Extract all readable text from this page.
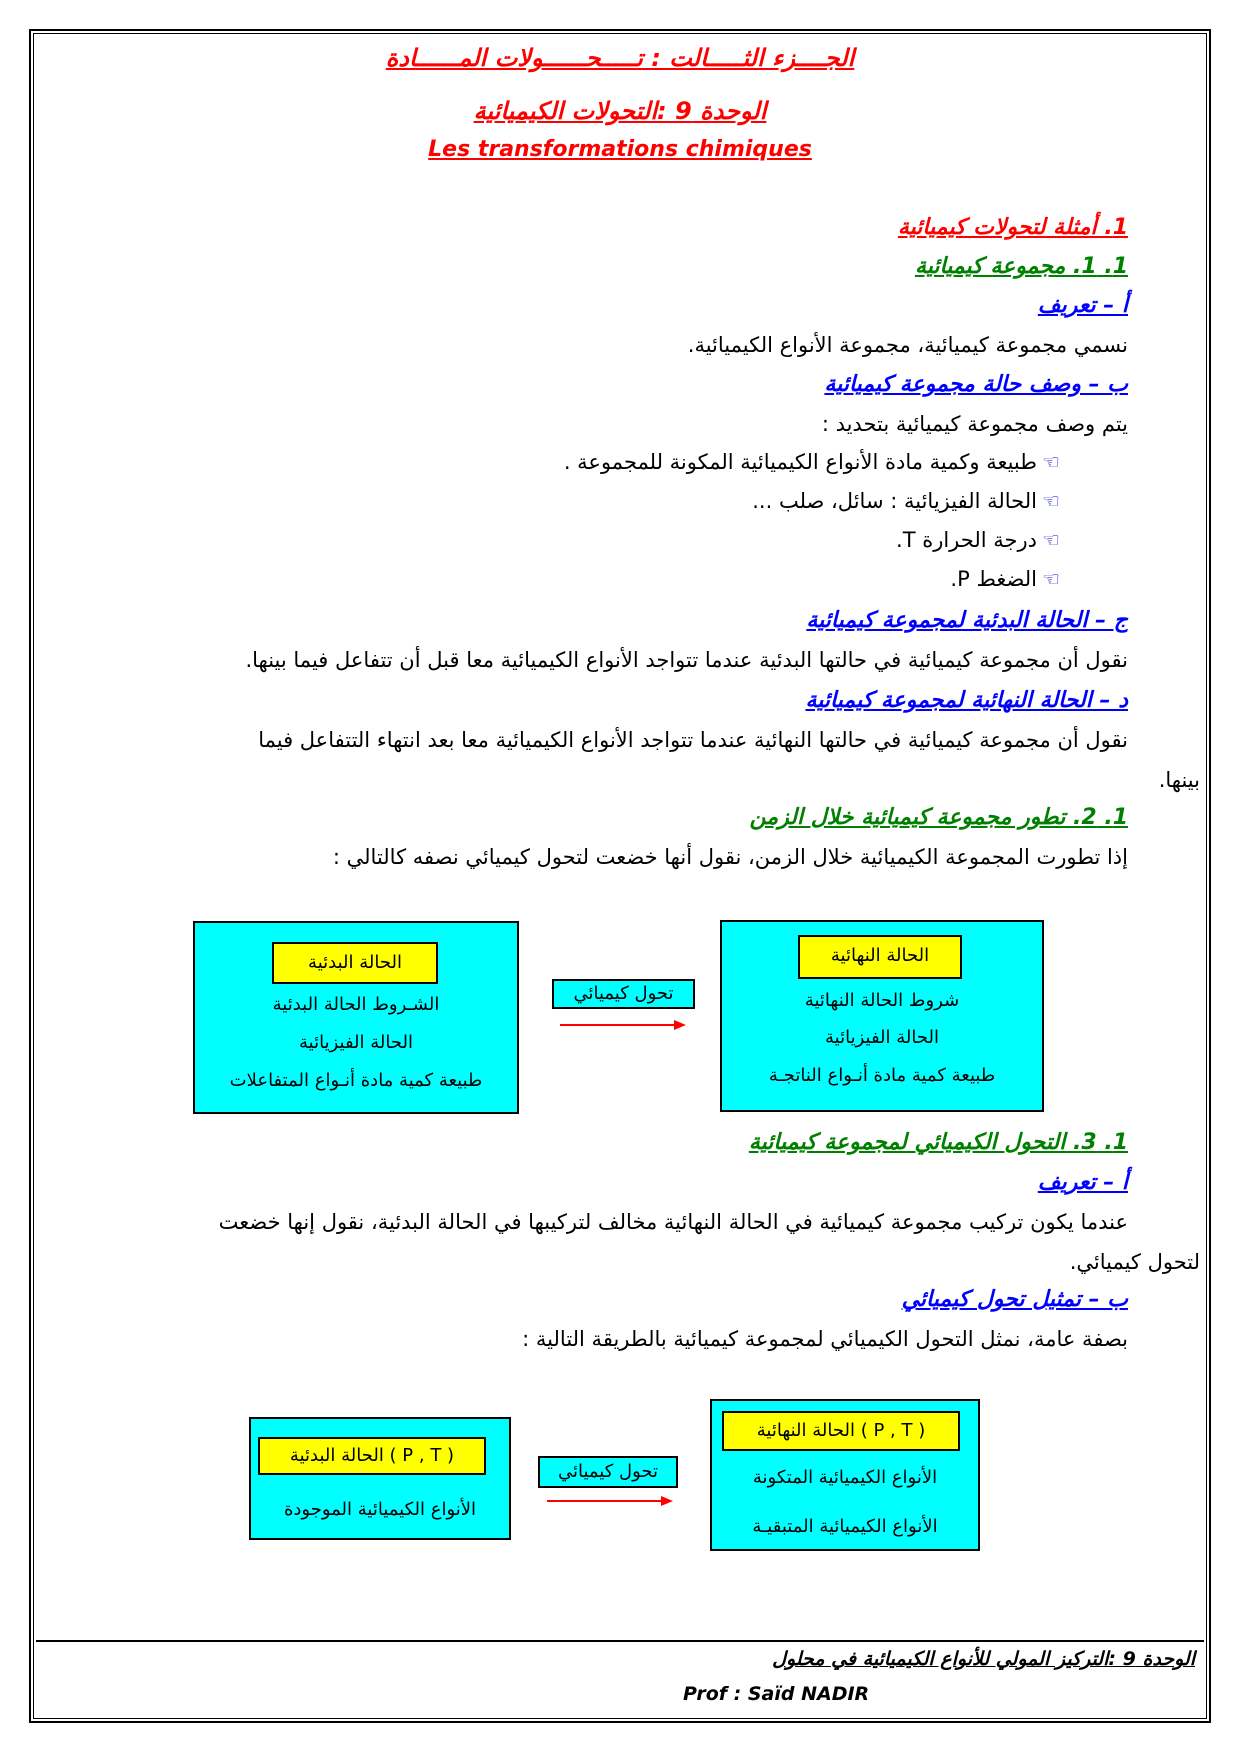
الجــــزء الثـــــالت : تـــــحــــــولات المــــــادة
الوحدة 9 :التحولات الكيميائية
Les transformations chimiques
1. أمثلة لتحولات كيميائية
1. 1. مجموعة كيميائية
أ – تعريف
نسمي مجموعة كيميائية، مجموعة الأنواع الكيميائية.
ب – وصف حالة مجموعة كيميائية
يتم وصف مجموعة كيميائية بتحديد :
☜ طبيعة وكمية مادة الأنواع الكيميائية المكونة للمجموعة .
☜ الحالة الفيزيائية : سائل، صلب ...
☜ درجة الحرارة T.
☜ الضغط P.
ج – الحالة البدئية لمجموعة كيميائية
نقول أن مجموعة كيميائية في حالتها البدئية عندما تتواجد الأنواع الكيميائية معا قبل أن تتفاعل فيما بينها.
د – الحالة النهائية لمجموعة كيميائية
نقول أن مجموعة كيميائية في حالتها النهائية عندما تتواجد الأنواع الكيميائية معا بعد انتهاء التتفاعل فيما
بينها.
1. 2. تطور مجموعة كيميائية خلال الزمن
إذا تطورت المجموعة الكيميائية خلال الزمن، نقول أنها خضعت لتحول كيميائي نصفه كالتالي :
الحالة البدئية
الشـروط الحالة البدئية
الحالة الفيزيائية
طبيعة كمية مادة أنـواع المتفاعلات
تحول كيميائي
الحالة النهائية
شروط الحالة النهائية
الحالة الفيزيائية
طبيعة كمية مادة أنـواع الناتجـة
1. 3. التحول الكيميائي لمجموعة كيميائية
أ – تعريف
عندما يكون تركيب مجموعة كيميائية في الحالة النهائية مخالف لتركيبها في الحالة البدئية، نقول إنها خضعت
لتحول كيميائي.
ب – تمثيل تحول كيميائي
بصفة عامة، نمثل التحول الكيميائي لمجموعة كيميائية بالطريقة التالية :
الحالة البدئية ( P , T )
الأنواع الكيميائية الموجودة
تحول كيميائي
الحالة النهائية ( P , T )
الأنواع الكيميائية المتكونة
الأنواع الكيميائية المتبقيـة
الوحدة 9 :التركيز المولي للأنواع الكيميائية في محلول
Prof : Saïd NADIR
